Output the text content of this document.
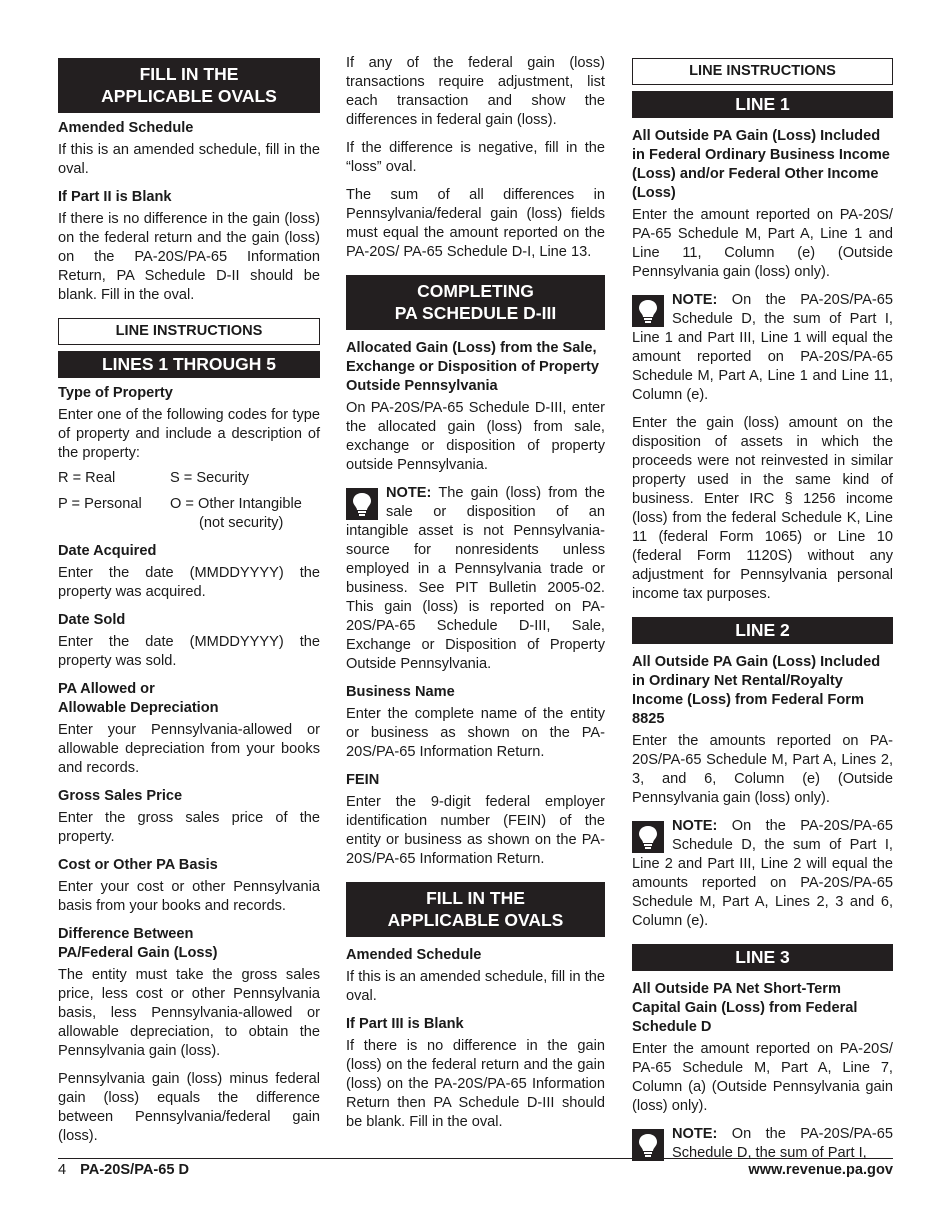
FILL IN THE
APPLICABLE OVALS
Amended Schedule

If this is an amended schedule, fill in the oval.

If Part II is Blank

If there is no difference in the gain (loss) on the federal return and the gain (loss) on the PA-20S/PA-65 Information Return, PA Schedule D-II should be blank. Fill in the oval.

LINE INSTRUCTIONS
LINES 1 THROUGH 5
Type of Property

Enter one of the following codes for type of property and include a description of the property:

R = Real	S = Security
P = Personal	O = Other Intangible
(not security)
Date Acquired

Enter the date (MMDDYYYY) the property was acquired.

Date Sold

Enter the date (MMDDYYYY) the property was sold.

PA Allowed or
Allowable Depreciation

Enter your Pennsylvania-allowed or allowable depreciation from your books and records.

Gross Sales Price

Enter the gross sales price of the property.

Cost or Other PA Basis

Enter your cost or other Pennsylvania basis from your books and records.

Difference Between
PA/Federal Gain (Loss)

The entity must take the gross sales price, less cost or other Pennsylvania basis, less Pennsylvania-allowed or allowable depreciation, to obtain the Pennsylvania gain (loss).

Pennsylvania gain (loss) minus federal gain (loss) equals the difference between Pennsylvania/federal gain (loss).

If any of the federal gain (loss) transactions require adjustment, list each transaction and show the differences in federal gain (loss).

If the difference is negative, fill in the “loss” oval.

The sum of all differences in Pennsylvania/federal gain (loss) fields must equal the amount reported on the PA-20S/ PA-65 Schedule D-I, Line 13.

COMPLETING
PA SCHEDULE D-III
Allocated Gain (Loss) from the Sale, Exchange or Disposition of Property Outside Pennsylvania

On PA-20S/PA-65 Schedule D-III, enter the allocated gain (loss) from sale, exchange or disposition of property outside Pennsylvania.

NOTE: The gain (loss) from the sale or disposition of an intangible asset is not Pennsylvania-source for nonresidents unless employed in a Pennsylvania trade or business. See PIT Bulletin 2005-02. This gain (loss) is reported on PA-20S/PA-65 Schedule D-III, Sale, Exchange or Disposition of Property Outside Pennsylvania.
Business Name

Enter the complete name of the entity or business as shown on the PA-20S/PA-65 Information Return.

FEIN

Enter the 9-digit federal employer identification number (FEIN) of the entity or business as shown on the PA-20S/PA-65 Information Return.

FILL IN THE
APPLICABLE OVALS
Amended Schedule

If this is an amended schedule, fill in the oval.

If Part III is Blank

If there is no difference in the gain (loss) on the federal return and the gain (loss) on the PA-20S/PA-65 Information Return then PA Schedule D-III should be blank. Fill in the oval.

LINE INSTRUCTIONS
LINE 1
All Outside PA Gain (Loss) Included in Federal Ordinary Business Income (Loss) and/or Federal Other Income (Loss)

Enter the amount reported on PA-20S/ PA-65 Schedule M, Part A, Line 1 and Line 11, Column (e) (Outside Pennsylvania gain (loss) only).

NOTE: On the PA-20S/PA-65 Schedule D, the sum of Part I, Line 1 and Part III, Line 1 will equal the amount reported on PA-20S/PA-65 Schedule M, Part A, Line 1 and Line 11, Column (e).

Enter the gain (loss) amount on the disposition of assets in which the proceeds were not reinvested in similar property used in the same kind of business. Enter IRC § 1256 income (loss) from the federal Schedule K, Line 11 (federal Form 1065) or Line 10 (federal Form 1120S) without any adjustment for Pennsylvania personal income tax purposes.

LINE 2
All Outside PA Gain (Loss) Included in Ordinary Net Rental/Royalty Income (Loss) from Federal Form 8825

Enter the amounts reported on PA-20S/PA-65 Schedule M, Part A, Lines 2, 3, and 6, Column (e) (Outside Pennsylvania gain (loss) only).

NOTE: On the PA-20S/PA-65 Schedule D, the sum of Part I, Line 2 and Part III, Line 2 will equal the amounts reported on PA-20S/PA-65 Schedule M, Part A, Lines 2, 3 and 6, Column (e).
LINE 3
All Outside PA Net Short-Term Capital Gain (Loss) from Federal Schedule D

Enter the amount reported on PA-20S/ PA-65 Schedule M, Part A, Line 7, Column (a) (Outside Pennsylvania gain (loss) only).

NOTE: On the PA-20S/PA-65 Schedule D, the sum of Part I,
4 PA-20S/PA-65 D	www.revenue.pa.gov
